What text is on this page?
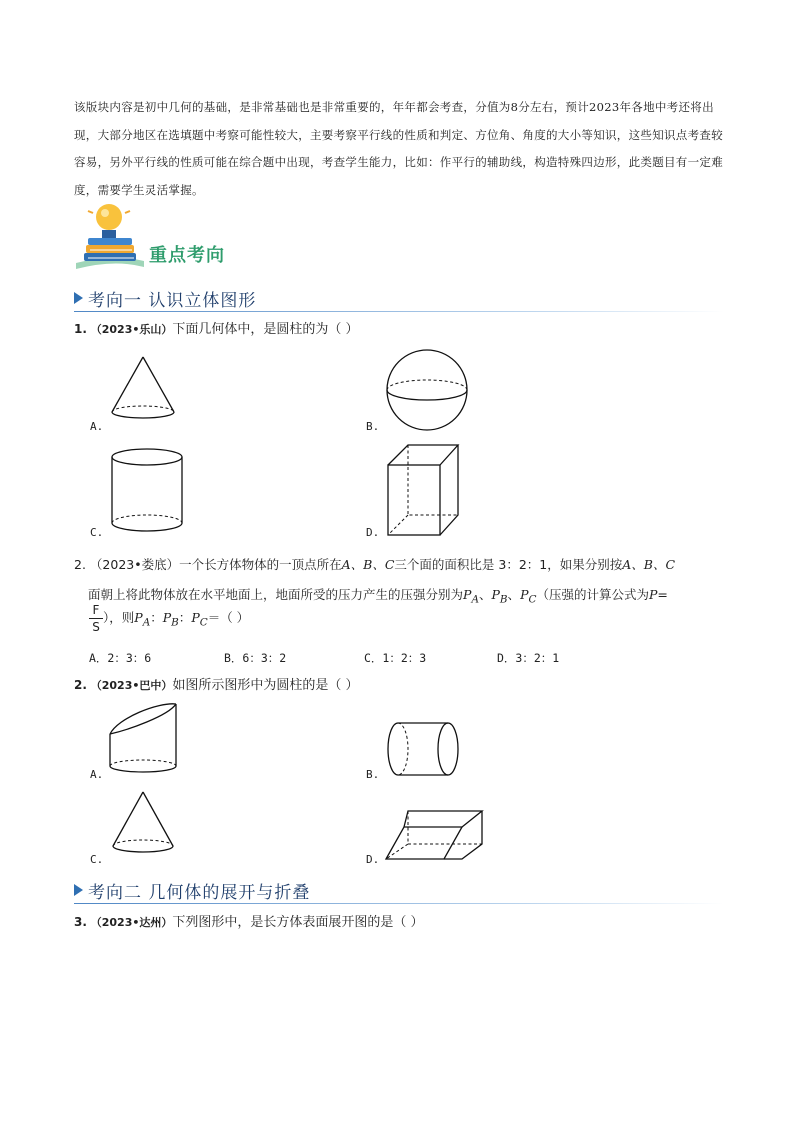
该版块内容是初中几何的基础，是非常基础也是非常重要的，年年都会考查，分值为8分左右，预计2023年各地中考还将出现，大部分地区在选填题中考察可能性较大，主要考察平行线的性质和判定、方位角、角度的大小等知识，这些知识点考查较容易，另外平行线的性质可能在综合题中出现，考查学生能力，比如：作平行的辅助线，构造特殊四边形，此类题目有一定难度，需要学生灵活掌握。
重点考向
考向一 认识立体图形
1. （2023•乐山）下面几何体中，是圆柱的为（ ）
A.	B.
C.	D.
2. （2023•娄底）一个长方体物体的一顶点所在A、B、C三个面的面积比是 3：2：1，如果分别按A、B、C
面朝上将此物体放在水平地面上，地面所受的压力产生的压强分别为$P_A$、$P_B$、$P_C$（压强的计算公式为P=
F
S
），则$P_A$：$P_B$：$P_C=$（ ）
A．2：3：6	B．6：3：2	C．1：2：3	D．3：2：1
2. （2023•巴中）如图所示图形中为圆柱的是（ ）
A.	B.
C.	D.
考向二 几何体的展开与折叠
3. （2023•达州）下列图形中，是长方体表面展开图的是（ ）
